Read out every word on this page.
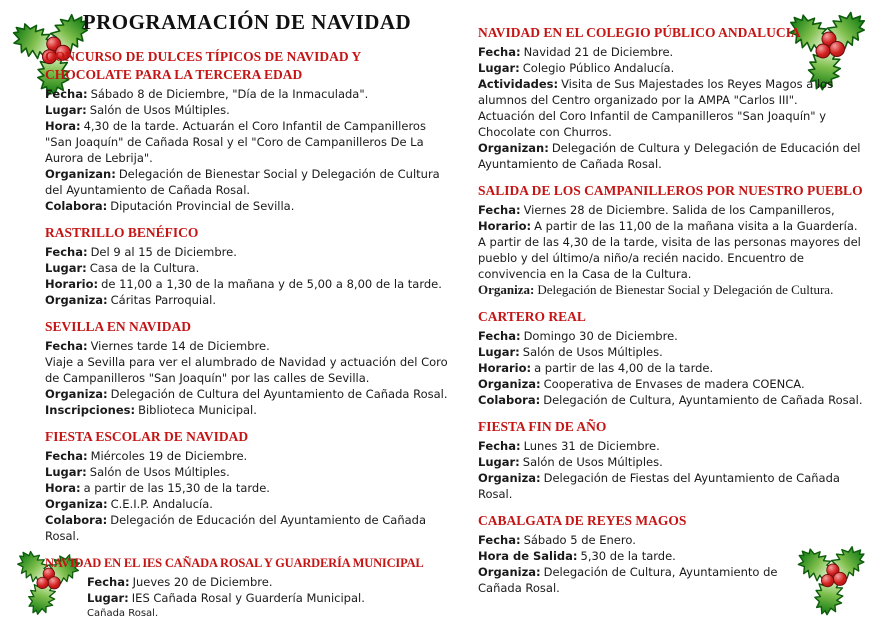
PROGRAMACIÓN DE NAVIDAD
CONCURSO DE DULCES TÍPICOS DE NAVIDAD Y CHOCOLATE PARA LA TERCERA EDAD
Fecha: Sábado 8 de Diciembre, "Día de la Inmaculada".
Lugar: Salón de Usos Múltiples.
Hora: 4,30 de la tarde. Actuarán el Coro Infantil de Campanilleros "San Joaquín" de Cañada Rosal y el "Coro de Campanilleros De La Aurora de Lebrija".
Organizan: Delegación de Bienestar Social y Delegación de Cultura del Ayuntamiento de Cañada Rosal.
Colabora: Diputación Provincial de Sevilla.
RASTRILLO BENÉFICO
Fecha: Del 9 al 15 de Diciembre.
Lugar: Casa de la Cultura.
Horario: de 11,00 a 1,30 de la mañana y de 5,00 a 8,00 de la tarde.
Organiza: Cáritas Parroquial.
SEVILLA EN NAVIDAD
Fecha: Viernes tarde 14 de Diciembre.
Viaje a Sevilla para ver el alumbrado de Navidad y actuación del Coro de Campanilleros "San Joaquín" por las calles de Sevilla.
Organiza: Delegación de Cultura del Ayuntamiento de Cañada Rosal.
Inscripciones: Biblioteca Municipal.
FIESTA ESCOLAR DE NAVIDAD
Fecha: Miércoles 19 de Diciembre.
Lugar: Salón de Usos Múltiples.
Hora: a partir de las 15,30 de la tarde.
Organiza: C.E.I.P. Andalucía.
Colabora: Delegación de Educación del Ayuntamiento de Cañada Rosal.
NAVIDAD EN EL IES CAÑADA ROSAL Y GUARDERÍA MUNICIPAL
Fecha: Jueves 20 de Diciembre.
Lugar: IES Cañada Rosal y Guardería Municipal.
Cañada Rosal.
NAVIDAD EN EL COLEGIO PÚBLICO ANDALUCIA
Fecha: Navidad 21 de Diciembre.
Lugar: Colegio Público Andalucía.
Actividades: Visita de Sus Majestades los Reyes Magos a los alumnos del Centro organizado por la AMPA "Carlos III".
Actuación del Coro Infantil de Campanilleros "San Joaquín" y Chocolate con Churros.
Organizan: Delegación de Cultura y Delegación de Educación del Ayuntamiento de Cañada Rosal.
SALIDA DE LOS CAMPANILLEROS POR NUESTRO PUEBLO
Fecha: Viernes 28 de Diciembre. Salida de los Campanilleros,
Horario: A partir de las 11,00 de la mañana visita a la Guardería.
A partir de las 4,30 de la tarde, visita de las personas mayores del pueblo y del último/a niño/a recién nacido. Encuentro de convivencia en la Casa de la Cultura.
Organiza: Delegación de Bienestar Social y Delegación de Cultura.
CARTERO REAL
Fecha: Domingo 30 de Diciembre.
Lugar: Salón de Usos Múltiples.
Horario: a partir de las 4,00 de la tarde.
Organiza: Cooperativa de Envases de madera COENCA.
Colabora: Delegación de Cultura, Ayuntamiento de Cañada Rosal.
FIESTA FIN DE AÑO
Fecha: Lunes 31 de Diciembre.
Lugar: Salón de Usos Múltiples.
Organiza: Delegación de Fiestas del Ayuntamiento de Cañada Rosal.
CABALGATA DE REYES MAGOS
Fecha: Sábado 5 de Enero.
Hora de Salida: 5,30 de la tarde.
Organiza: Delegación de Cultura, Ayuntamiento de Cañada Rosal.
